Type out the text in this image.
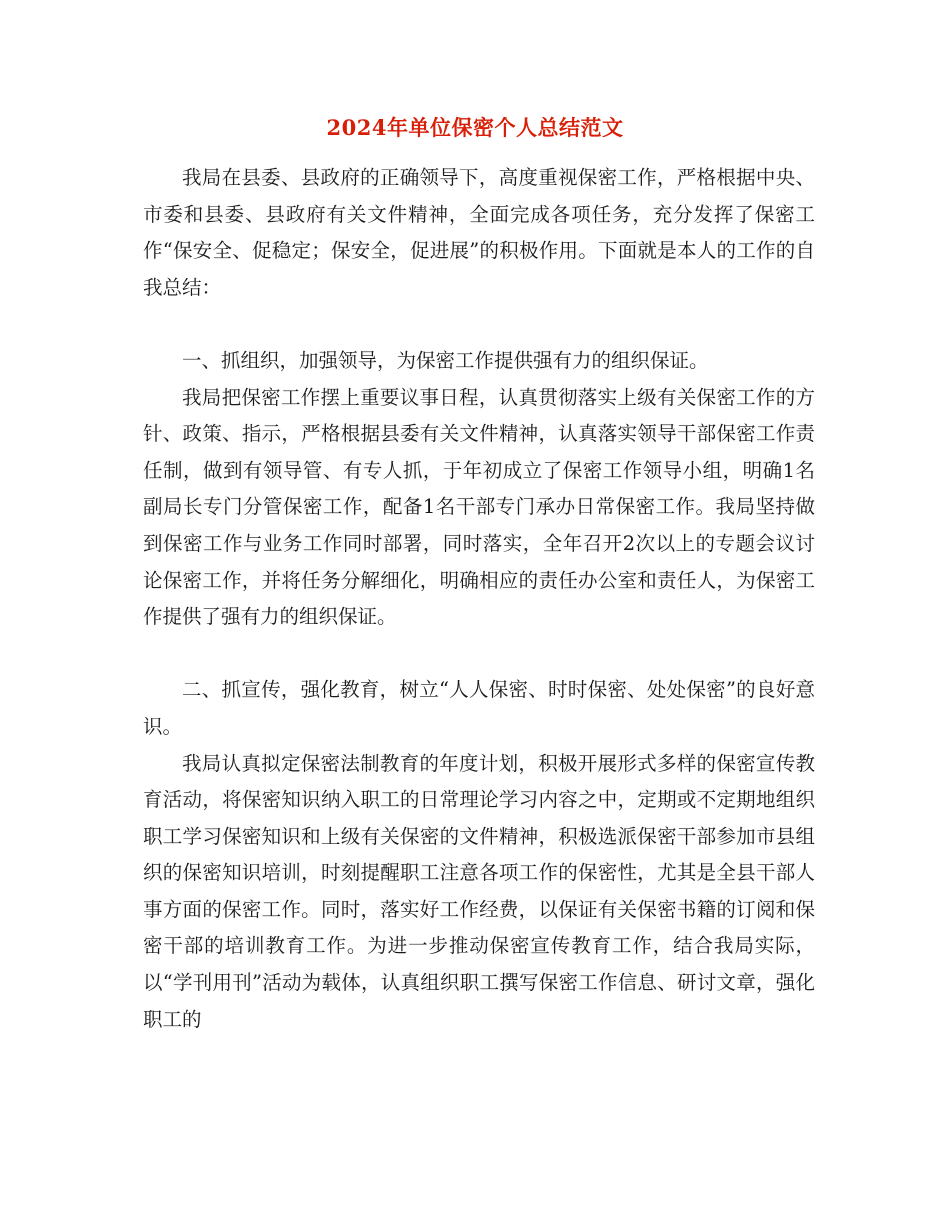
2024年单位保密个人总结范文

我局在县委、县政府的正确领导下，高度重视保密工作，严格根据中央、市委和县委、县政府有关文件精神，全面完成各项任务，充分发挥了保密工作“保安全、促稳定；保安全，促进展”的积极作用。下面就是本人的工作的自我总结：

一、抓组织，加强领导，为保密工作提供强有力的组织保证。

我局把保密工作摆上重要议事日程，认真贯彻落实上级有关保密工作的方针、政策、指示，严格根据县委有关文件精神，认真落实领导干部保密工作责任制，做到有领导管、有专人抓，于年初成立了保密工作领导小组，明确1名副局长专门分管保密工作，配备1名干部专门承办日常保密工作。我局坚持做到保密工作与业务工作同时部署，同时落实，全年召开2次以上的专题会议讨论保密工作，并将任务分解细化，明确相应的责任办公室和责任人，为保密工作提供了强有力的组织保证。

二、抓宣传，强化教育，树立“人人保密、时时保密、处处保密”的良好意识。

我局认真拟定保密法制教育的年度计划，积极开展形式多样的保密宣传教育活动，将保密知识纳入职工的日常理论学习内容之中，定期或不定期地组织职工学习保密知识和上级有关保密的文件精神，积极选派保密干部参加市县组织的保密知识培训，时刻提醒职工注意各项工作的保密性，尤其是全县干部人事方面的保密工作。同时，落实好工作经费，以保证有关保密书籍的订阅和保密干部的培训教育工作。为进一步推动保密宣传教育工作，结合我局实际，以“学刊用刊”活动为载体，认真组织职工撰写保密工作信息、研讨文章，强化职工的
